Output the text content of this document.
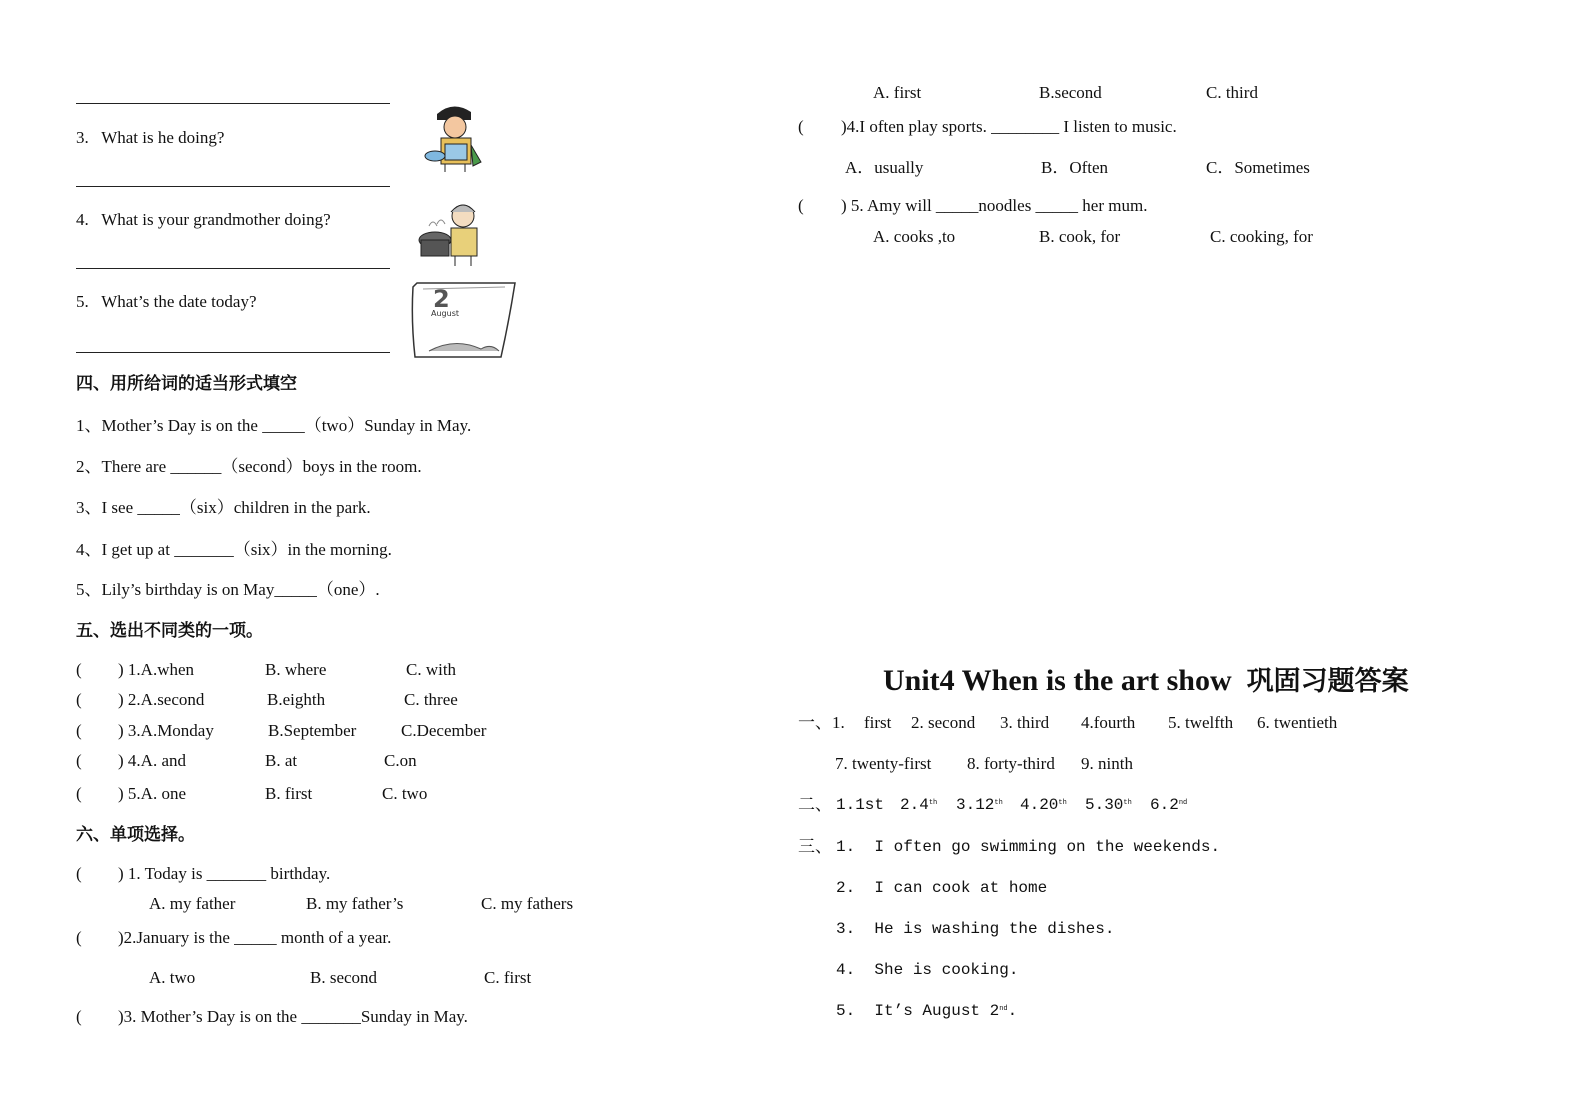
3.   What is he doing?
4.   What is your grandmother doing?
5.   What’s the date today?	2
August
四、用所给词的适当形式填空
1、Mother’s Day is on the _____（two）Sunday in May.
2、There are ______（second）boys in the room.
3、I see _____（six）children in the park.
4、I get up at _______（six）in the morning.
5、Lily’s birthday is on May_____（one）.
五、选出不同类的一项。
( ) 1.A.when	B. where	C. with
( ) 2.A.second	B.eighth	C. three
( ) 3.A.Monday	B.September	C.December
( ) 4.A. and	B. at	C.on
( ) 5.A. one	B. first	C. two
六、单项选择。
( ) 1. Today is _______ birthday.
A. my father	B. my father’s	C. my fathers
( )2.January is the _____ month of a year.
A. two	B. second	C. first
( )3. Mother’s Day is on the _______Sunday in May.
A. first	B.second	C. third
( )4.I often play sports. ________ I listen to music.
A．usually	B．Often	C．Sometimes
( ) 5. Amy will _____noodles _____ her mum.
A. cooks ,to	B. cook, for	C. cooking, for
Unit4 When is the art show 巩固习题答案
一、1. first 2. second 3. third 4.fourth 5. twelfth 6. twentieth
7. twenty-first 8. forty-third 9. ninth
二、 1.1st 2.4th 3.12th 4.20th 5.30th 6.2nd
三、 1.  I often go swimming on the weekends.
2.  I can cook at home
3.  He is washing the dishes.
4.  She is cooking.
5.  It’s August 2nd.
